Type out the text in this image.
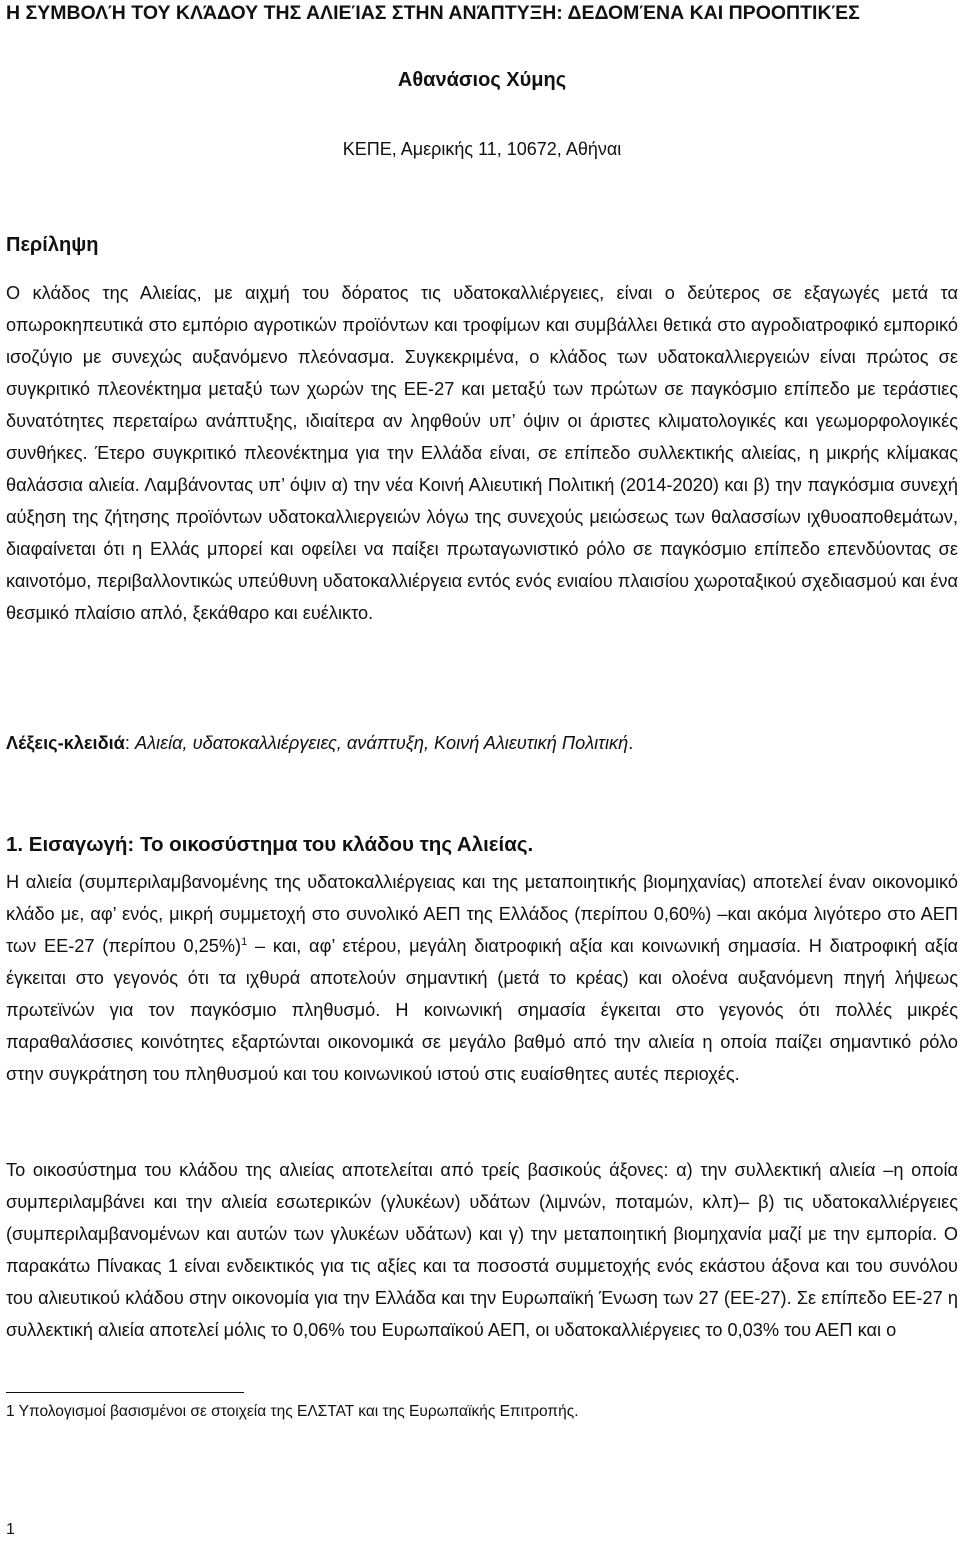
Η ΣΥΜΒΟΛΉ ΤΟΥ ΚΛΆΔΟΥ ΤΗΣ ΑΛΙΕΊΑΣ ΣΤΗΝ ΑΝΆΠΤΥΞΗ: ΔΕΔΟΜΈΝΑ ΚΑΙ ΠΡΟΟΠΤΙΚΈΣ
Αθανάσιος Χύμης
ΚΕΠΕ, Αμερικής 11, 10672, Αθήναι
Περίληψη

Ο κλάδος της Αλιείας, με αιχμή του δόρατος τις υδατοκαλλιέργειες, είναι ο δεύτερος σε εξαγωγές μετά τα οπωροκηπευτικά στο εμπόριο αγροτικών προϊόντων και τροφίμων και συμβάλλει θετικά στο αγροδιατροφικό εμπορικό ισοζύγιο με συνεχώς αυξανόμενο πλεόνασμα. Συγκεκριμένα, ο κλάδος των υδατοκαλλιεργειών είναι πρώτος σε συγκριτικό πλεονέκτημα μεταξύ των χωρών της ΕΕ-27 και μεταξύ των πρώτων σε παγκόσμιο επίπεδο με τεράστιες δυνατότητες περεταίρω ανάπτυξης, ιδιαίτερα αν ληφθούν υπ’ όψιν οι άριστες κλιματολογικές και γεωμορφολογικές συνθήκες. Έτερο συγκριτικό πλεονέκτημα για την Ελλάδα είναι, σε επίπεδο συλλεκτικής αλιείας, η μικρής κλίμακας θαλάσσια αλιεία. Λαμβάνοντας υπ’ όψιν α) την νέα Κοινή Αλιευτική Πολιτική (2014-2020) και β) την παγκόσμια συνεχή αύξηση της ζήτησης προϊόντων υδατοκαλλιεργειών λόγω της συνεχούς μειώσεως των θαλασσίων ιχθυοαποθεμάτων, διαφαίνεται ότι η Ελλάς μπορεί και οφείλει να παίξει πρωταγωνιστικό ρόλο σε παγκόσμιο επίπεδο επενδύοντας σε καινοτόμο, περιβαλλοντικώς υπεύθυνη υδατοκαλλιέργεια εντός ενός ενιαίου πλαισίου χωροταξικού σχεδιασμού και ένα θεσμικό πλαίσιο απλό, ξεκάθαρο και ευέλικτο.

Λέξεις-κλειδιά: Αλιεία, υδατοκαλλιέργειες, ανάπτυξη, Κοινή Αλιευτική Πολιτική.
1. Εισαγωγή: Το οικοσύστημα του κλάδου της Αλιείας.

Η αλιεία (συμπεριλαμβανομένης της υδατοκαλλιέργειας και της μεταποιητικής βιομηχανίας) αποτελεί έναν οικονομικό κλάδο με, αφ’ ενός, μικρή συμμετοχή στο συνολικό ΑΕΠ της Ελλάδος (περίπου 0,60%) –και ακόμα λιγότερο στο ΑΕΠ των ΕΕ-27 (περίπου 0,25%)$^1$ – και, αφ’ ετέρου, μεγάλη διατροφική αξία και κοινωνική σημασία. Η διατροφική αξία έγκειται στο γεγονός ότι τα ιχθυρά αποτελούν σημαντική (μετά το κρέας) και ολοένα αυξανόμενη πηγή λήψεως πρωτεϊνών για τον παγκόσμιο πληθυσμό. Η κοινωνική σημασία έγκειται στο γεγονός ότι πολλές μικρές παραθαλάσσιες κοινότητες εξαρτώνται οικονομικά σε μεγάλο βαθμό από την αλιεία η οποία παίζει σημαντικό ρόλο στην συγκράτηση του πληθυσμού και του κοινωνικού ιστού στις ευαίσθητες αυτές περιοχές.

Το οικοσύστημα του κλάδου της αλιείας αποτελείται από τρείς βασικούς άξονες: α) την συλλεκτική αλιεία –η οποία συμπεριλαμβάνει και την αλιεία εσωτερικών (γλυκέων) υδάτων (λιμνών, ποταμών, κλπ)– β) τις υδατοκαλλιέργειες (συμπεριλαμβανομένων και αυτών των γλυκέων υδάτων) και γ) την μεταποιητική βιομηχανία μαζί με την εμπορία. Ο παρακάτω Πίνακας 1 είναι ενδεικτικός για τις αξίες και τα ποσοστά συμμετοχής ενός εκάστου άξονα και του συνόλου του αλιευτικού κλάδου στην οικονομία για την Ελλάδα και την Ευρωπαϊκή Ένωση των 27 (ΕΕ-27). Σε επίπεδο ΕΕ-27 η συλλεκτική αλιεία αποτελεί μόλις το 0,06% του Ευρωπαϊκού ΑΕΠ, οι υδατοκαλλιέργειες το 0,03% του ΑΕΠ και ο

1 Υπολογισμοί βασισμένοι σε στοιχεία της ΕΛΣΤΑΤ και της Ευρωπαϊκής Επιτροπής.
1
